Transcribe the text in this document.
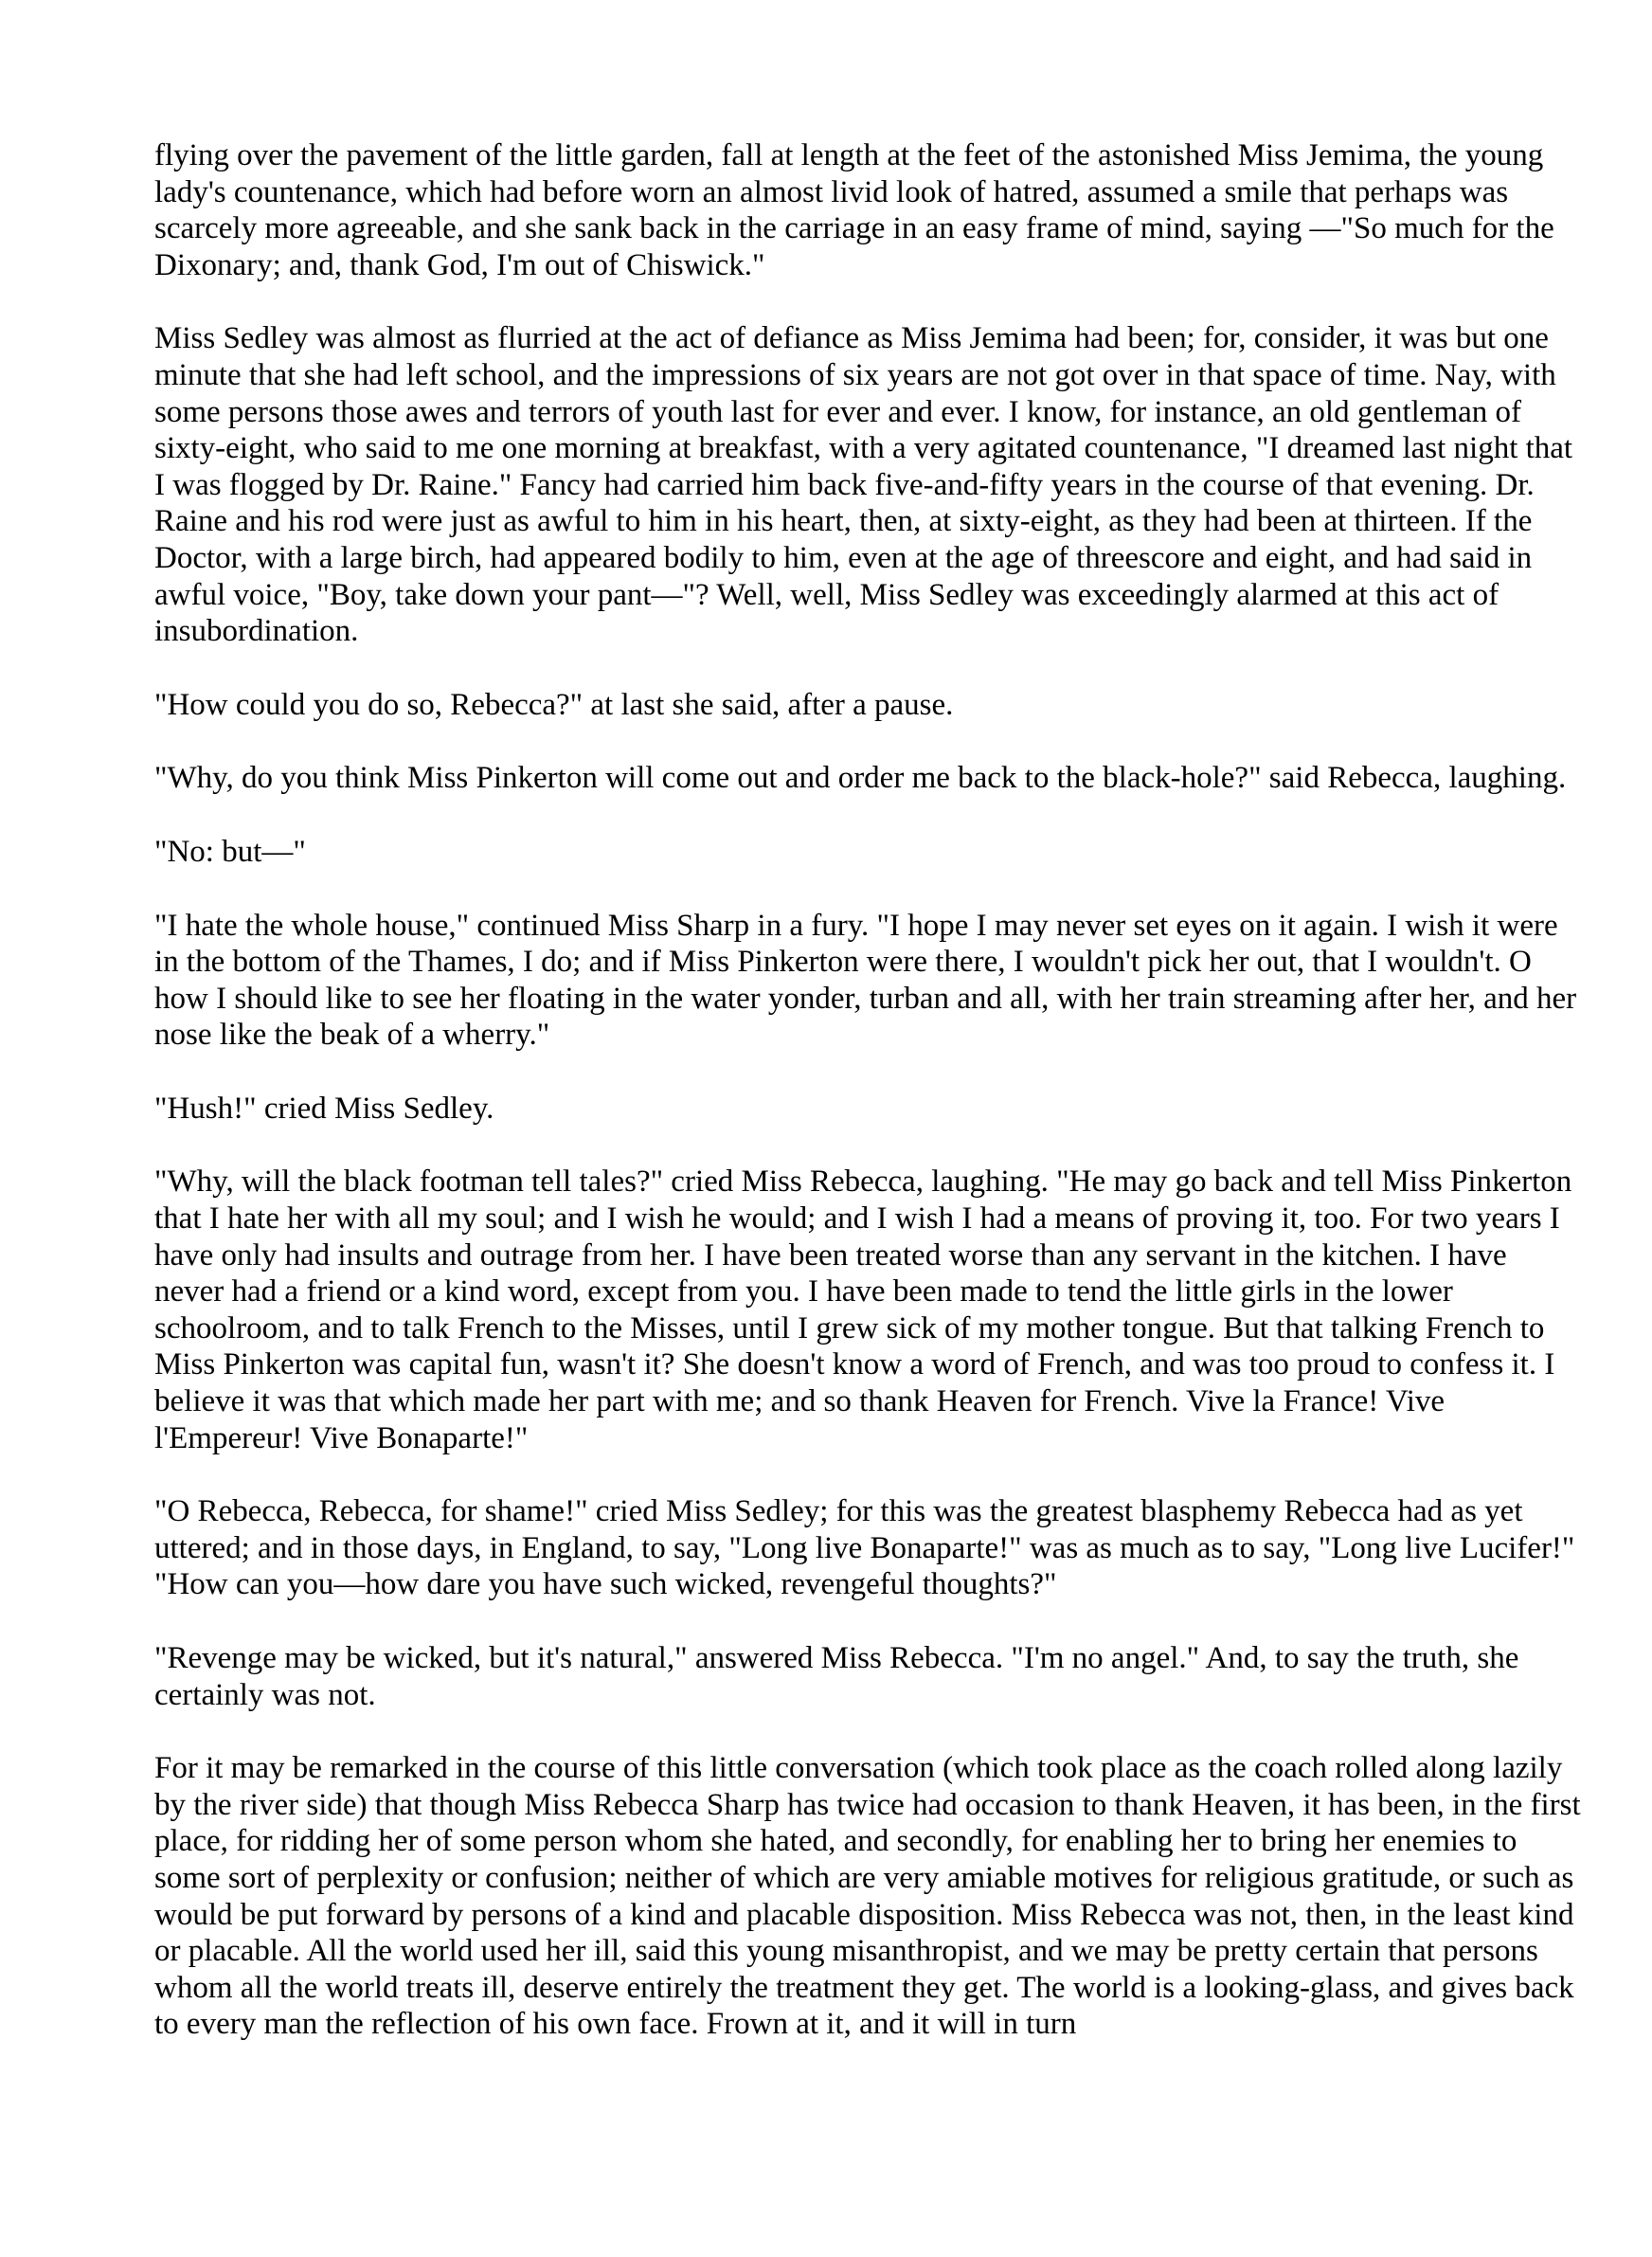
flying over the pavement of the little garden, fall at length at the feet of the astonished Miss Jemima, the young lady's countenance, which had before worn an almost livid look of hatred, assumed a smile that perhaps was scarcely more agreeable, and she sank back in the carriage in an easy frame of mind, saying —"So much for the Dixonary; and, thank God, I'm out of Chiswick."

Miss Sedley was almost as flurried at the act of defiance as Miss Jemima had been; for, consider, it was but one minute that she had left school, and the impressions of six years are not got over in that space of time. Nay, with some persons those awes and terrors of youth last for ever and ever. I know, for instance, an old gentleman of sixty-eight, who said to me one morning at breakfast, with a very agitated countenance, "I dreamed last night that I was flogged by Dr. Raine." Fancy had carried him back five-and-fifty years in the course of that evening. Dr. Raine and his rod were just as awful to him in his heart, then, at sixty-eight, as they had been at thirteen. If the Doctor, with a large birch, had appeared bodily to him, even at the age of threescore and eight, and had said in awful voice, "Boy, take down your pant—"? Well, well, Miss Sedley was exceedingly alarmed at this act of insubordination.

"How could you do so, Rebecca?" at last she said, after a pause.

"Why, do you think Miss Pinkerton will come out and order me back to the black-hole?" said Rebecca, laughing.

"No: but—"

"I hate the whole house," continued Miss Sharp in a fury. "I hope I may never set eyes on it again. I wish it were in the bottom of the Thames, I do; and if Miss Pinkerton were there, I wouldn't pick her out, that I wouldn't. O how I should like to see her floating in the water yonder, turban and all, with her train streaming after her, and her nose like the beak of a wherry."

"Hush!" cried Miss Sedley.

"Why, will the black footman tell tales?" cried Miss Rebecca, laughing. "He may go back and tell Miss Pinkerton that I hate her with all my soul; and I wish he would; and I wish I had a means of proving it, too. For two years I have only had insults and outrage from her. I have been treated worse than any servant in the kitchen. I have never had a friend or a kind word, except from you. I have been made to tend the little girls in the lower schoolroom, and to talk French to the Misses, until I grew sick of my mother tongue. But that talking French to Miss Pinkerton was capital fun, wasn't it? She doesn't know a word of French, and was too proud to confess it. I believe it was that which made her part with me; and so thank Heaven for French. Vive la France! Vive l'Empereur! Vive Bonaparte!"

"O Rebecca, Rebecca, for shame!" cried Miss Sedley; for this was the greatest blasphemy Rebecca had as yet uttered; and in those days, in England, to say, "Long live Bonaparte!" was as much as to say, "Long live Lucifer!" "How can you—how dare you have such wicked, revengeful thoughts?"

"Revenge may be wicked, but it's natural," answered Miss Rebecca. "I'm no angel." And, to say the truth, she certainly was not.

For it may be remarked in the course of this little conversation (which took place as the coach rolled along lazily by the river side) that though Miss Rebecca Sharp has twice had occasion to thank Heaven, it has been, in the first place, for ridding her of some person whom she hated, and secondly, for enabling her to bring her enemies to some sort of perplexity or confusion; neither of which are very amiable motives for religious gratitude, or such as would be put forward by persons of a kind and placable disposition. Miss Rebecca was not, then, in the least kind or placable. All the world used her ill, said this young misanthropist, and we may be pretty certain that persons whom all the world treats ill, deserve entirely the treatment they get. The world is a looking-glass, and gives back to every man the reflection of his own face. Frown at it, and it will in turn
